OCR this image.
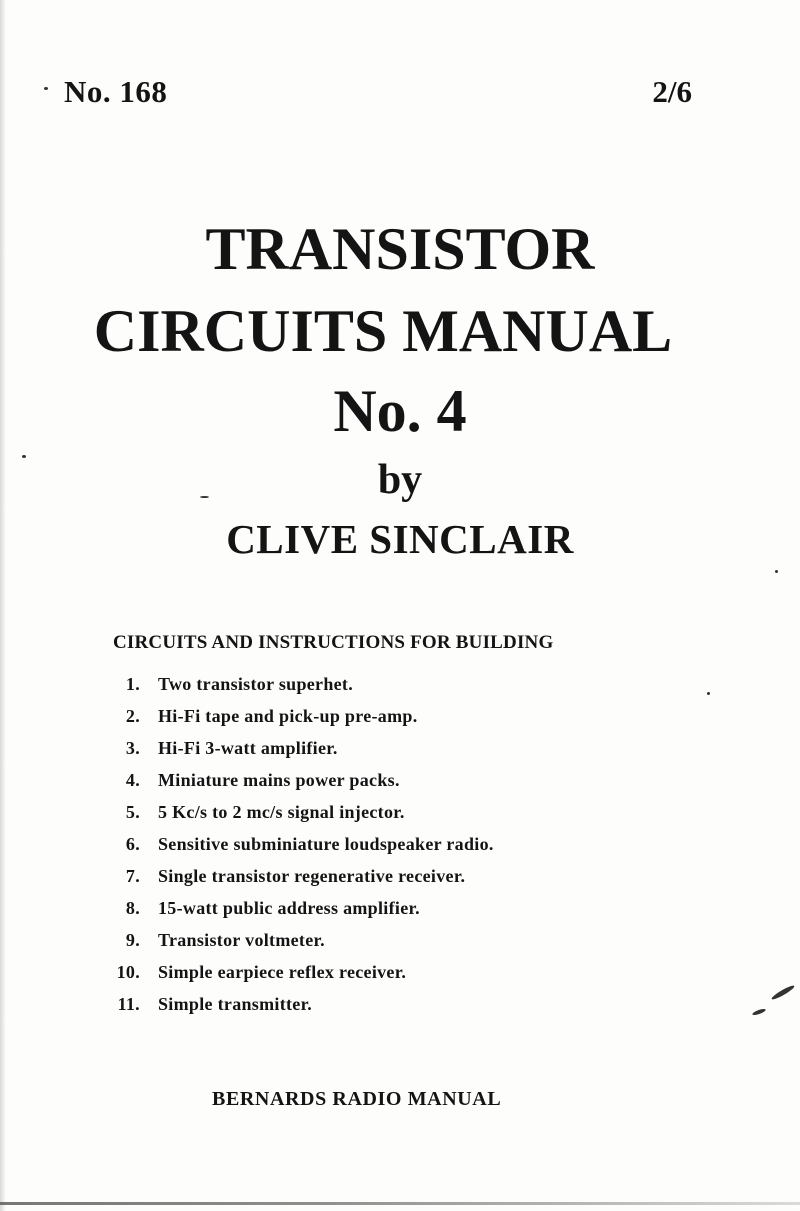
No. 168	2/6
TRANSISTOR
CIRCUITS MANUAL
No. 4
by
CLIVE SINCLAIR
CIRCUITS AND INSTRUCTIONS FOR BUILDING
1. Two transistor superhet.
2. Hi-Fi tape and pick-up pre-amp.
3. Hi-Fi 3-watt amplifier.
4. Miniature mains power packs.
5. 5 Kc/s to 2 mc/s signal injector.
6. Sensitive subminiature loudspeaker radio.
7. Single transistor regenerative receiver.
8. 15-watt public address amplifier.
9. Transistor voltmeter.
10. Simple earpiece reflex receiver.
11. Simple transmitter.
BERNARDS RADIO MANUAL
